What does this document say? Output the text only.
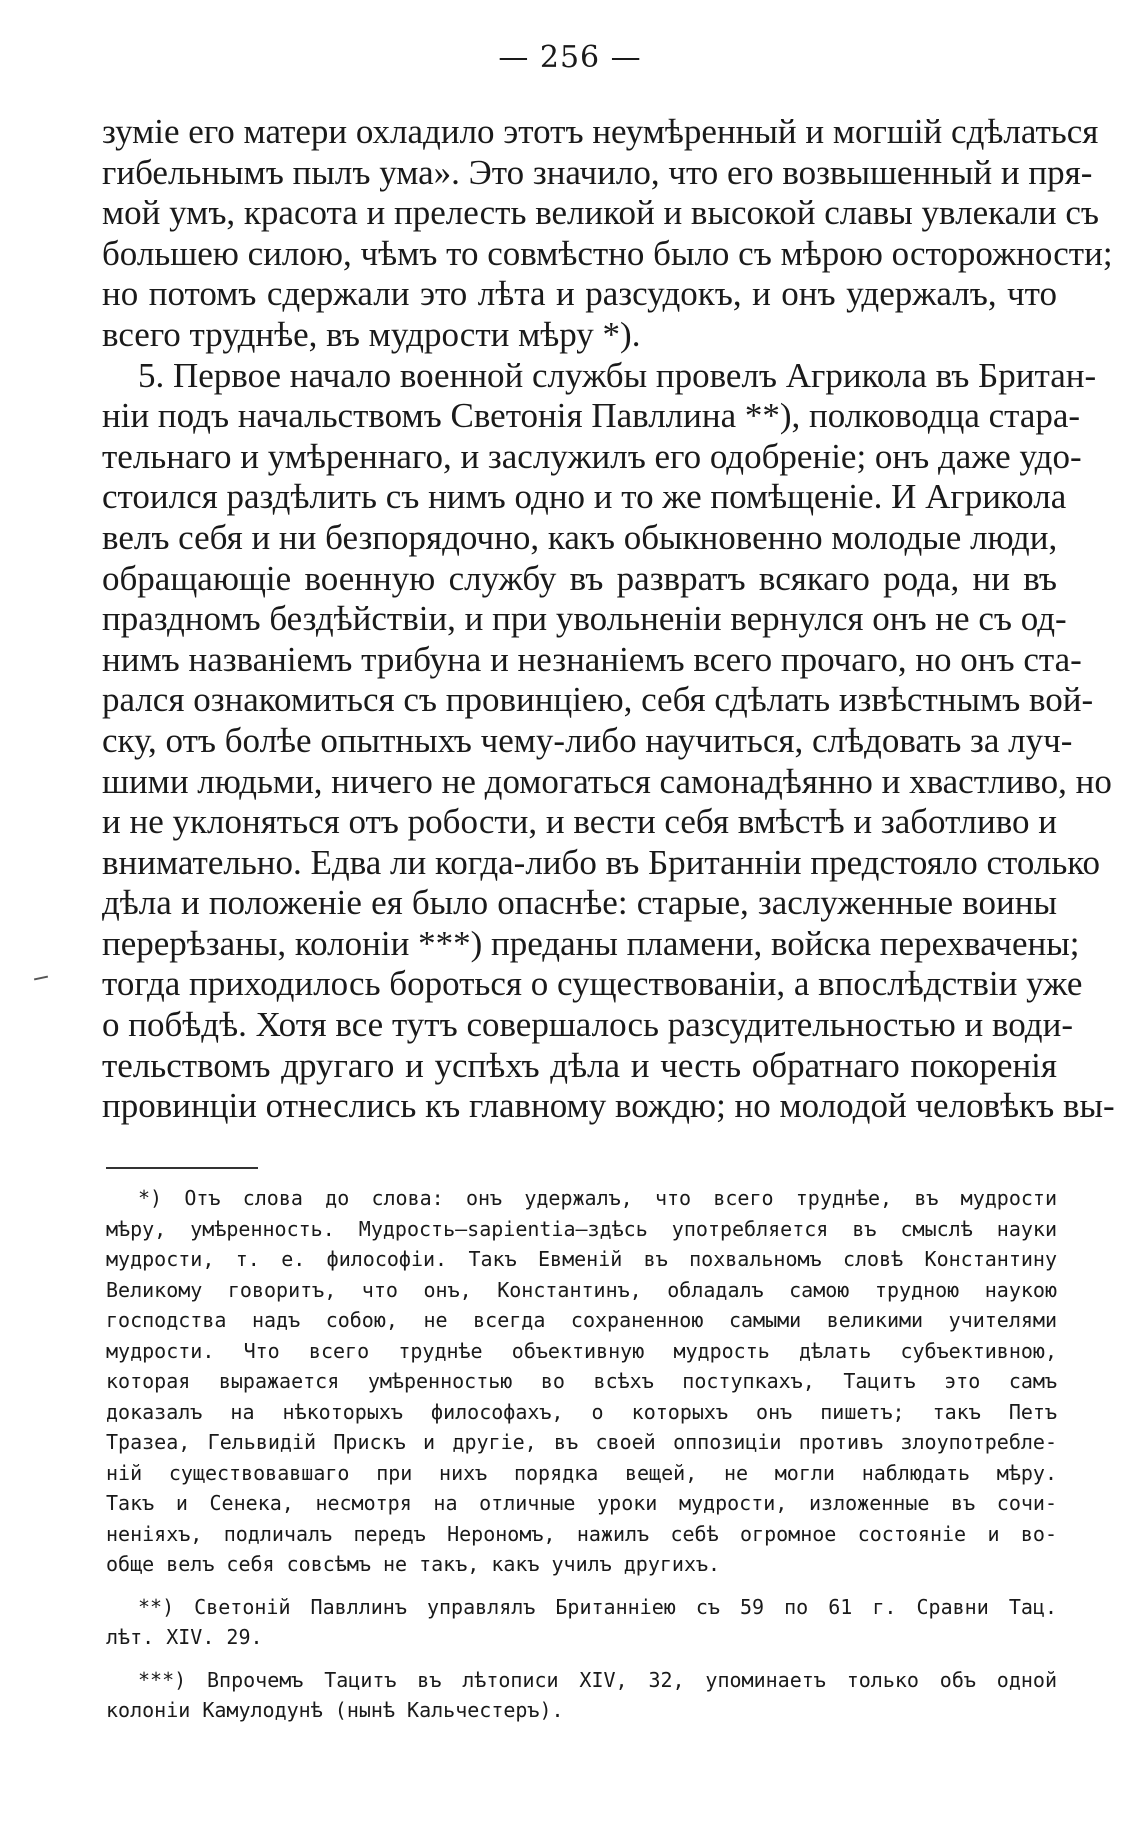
— 256 —
зуміе его матери охладило этотъ неумѣренный и могшій сдѣлаться
гибельнымъ пылъ ума». Это значило, что его возвышенный и пря-
мой умъ, красота и прелесть великой и высокой славы увлекали съ
большею силою, чѣмъ то совмѣстно было съ мѣрою осторожности;
но потомъ сдержали это лѣта и разсудокъ, и онъ удержалъ, что
всего труднѣе, въ мудрости мѣру *).
5. Первое начало военной службы провелъ Агрикола въ Британ-
ніи подъ начальствомъ Светонія Павллина **), полководца стара-
тельнаго и умѣреннаго, и заслужилъ его одобреніе; онъ даже удо-
стоился раздѣлить съ нимъ одно и то же помѣщеніе. И Агрикола
велъ себя и ни безпорядочно, какъ обыкновенно молодые люди,
обращающіе военную службу въ развратъ всякаго рода, ни въ
праздномъ бездѣйствіи, и при увольненіи вернулся онъ не съ од-
нимъ названіемъ трибуна и незнаніемъ всего прочаго, но онъ ста-
рался ознакомиться съ провинціею, себя сдѣлать извѣстнымъ вой-
ску, отъ болѣе опытныхъ чему-либо научиться, слѣдовать за луч-
шими людьми, ничего не домогаться самонадѣянно и хвастливо, но
и не уклоняться отъ робости, и вести себя вмѣстѣ и заботливо и
внимательно. Едва ли когда-либо въ Британніи предстояло столько
дѣла и положеніе ея было опаснѣе: старые, заслуженные воины
перерѣзаны, колоніи ***) преданы пламени, войска перехвачены;
тогда приходилось бороться о существованіи, а впослѣдствіи уже
о побѣдѣ. Хотя все тутъ совершалось разсудительностью и води-
тельствомъ другаго и успѣхъ дѣла и честь обратнаго покоренія
провинціи отнеслись къ главному вождю; но молодой человѣкъ вы-
*) Отъ слова до слова: онъ удержалъ, что всего труднѣе, въ мудрости
мѣру, умѣренность. Мудрость—sapientia—здѣсь употребляется въ смыслѣ науки
мудрости, т. е. философіи. Такъ Евменій въ похвальномъ словѣ Константину
Великому говоритъ, что онъ, Константинъ, обладалъ самою трудною наукою
господства надъ собою, не всегда сохраненною самыми великими учителями
мудрости. Что всего труднѣе объективную мудрость дѣлать субъективною,
которая выражается умѣренностью во всѣхъ поступкахъ, Тацитъ это самъ
доказалъ на нѣкоторыхъ философахъ, о которыхъ онъ пишетъ; такъ Петъ
Тразеа, Гельвидій Прискъ и другіе, въ своей оппозиціи противъ злоупотребле-
ній существовавшаго при нихъ порядка вещей, не могли наблюдать мѣру.
Такъ и Сенека, несмотря на отличные уроки мудрости, изложенные въ сочи-
неніяхъ, подличалъ передъ Нерономъ, нажилъ себѣ огромное состояніе и во-
обще велъ себя совсѣмъ не такъ, какъ училъ другихъ.
**) Светоній Павллинъ управлялъ Британніею съ 59 по 61 г. Сравни Тац.
лѣт. XIV. 29.
***) Впрочемъ Тацитъ въ лѣтописи XIV, 32, упоминаетъ только объ одной
колоніи Камулодунѣ (нынѣ Кальчестеръ).
